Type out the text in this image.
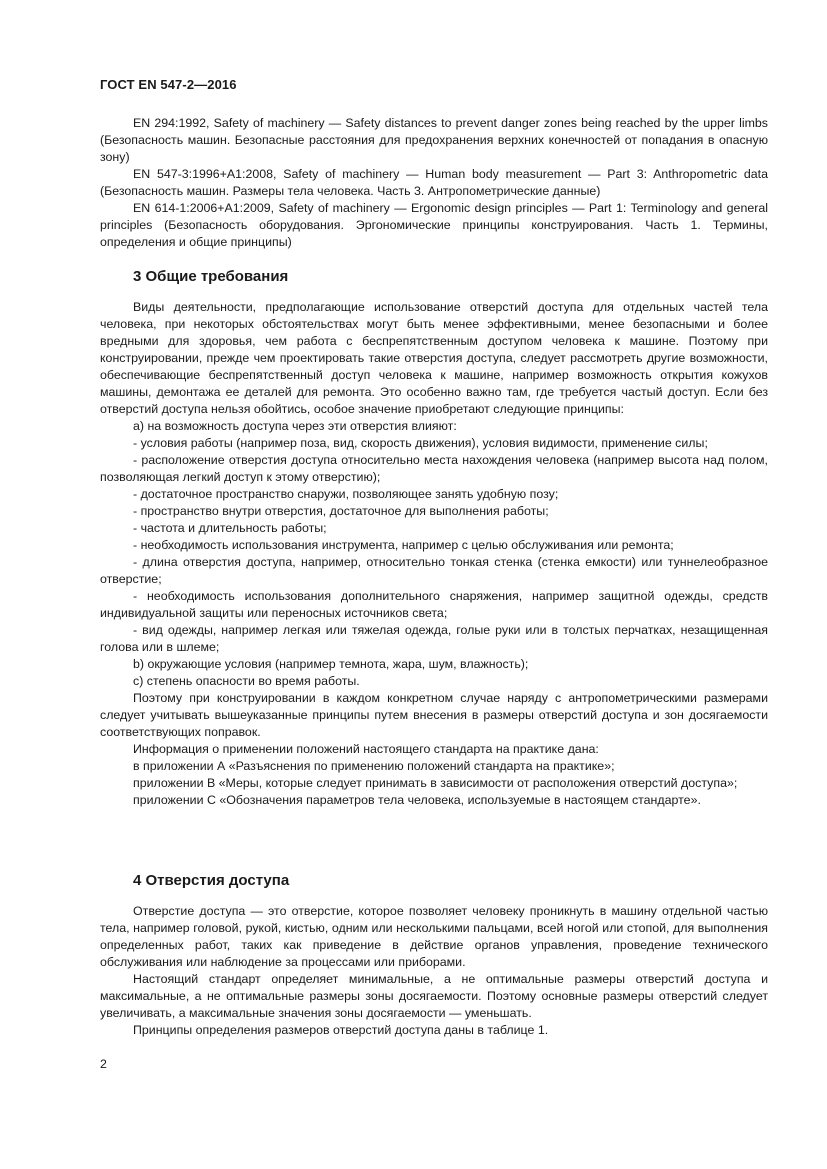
ГОСТ EN 547-2—2016

EN 294:1992, Safety of machinery — Safety distances to prevent danger zones being reached by the upper limbs (Безопасность машин. Безопасные расстояния для предохранения верхних конечностей от попадания в опасную зону)

EN 547-3:1996+A1:2008, Safety of machinery — Human body measurement — Part 3: Anthropometric data (Безопасность машин. Размеры тела человека. Часть 3. Антропометрические данные)

EN 614-1:2006+A1:2009, Safety of machinery — Ergonomic design principles — Part 1: Terminology and general principles (Безопасность оборудования. Эргономические принципы конструирования. Часть 1. Термины, определения и общие принципы)

3 Общие требования

Виды деятельности, предполагающие использование отверстий доступа для отдельных частей тела человека, при некоторых обстоятельствах могут быть менее эффективными, менее безопасными и более вредными для здоровья, чем работа с беспрепятственным доступом человека к машине. Поэтому при конструировании, прежде чем проектировать такие отверстия доступа, следует рассмотреть другие возможности, обеспечивающие беспрепятственный доступ человека к машине, например возможность открытия кожухов машины, демонтажа ее деталей для ремонта. Это особенно важно там, где требуется частый доступ. Если без отверстий доступа нельзя обойтись, особое значение приобретают следующие принципы:

а) на возможность доступа через эти отверстия влияют:

- условия работы (например поза, вид, скорость движения), условия видимости, применение силы;

- расположение отверстия доступа относительно места нахождения человека (например высота над полом, позволяющая легкий доступ к этому отверстию);

- достаточное пространство снаружи, позволяющее занять удобную позу;

- пространство внутри отверстия, достаточное для выполнения работы;

- частота и длительность работы;

- необходимость использования инструмента, например с целью обслуживания или ремонта;

- длина отверстия доступа, например, относительно тонкая стенка (стенка емкости) или туннелеобразное отверстие;

- необходимость использования дополнительного снаряжения, например защитной одежды, средств индивидуальной защиты или переносных источников света;

- вид одежды, например легкая или тяжелая одежда, голые руки или в толстых перчатках, незащищенная голова или в шлеме;

b) окружающие условия (например темнота, жара, шум, влажность);

с) степень опасности во время работы.

Поэтому при конструировании в каждом конкретном случае наряду с антропометрическими размерами следует учитывать вышеуказанные принципы путем внесения в размеры отверстий доступа и зон досягаемости соответствующих поправок.

Информация о применении положений настоящего стандарта на практике дана:

в приложении А «Разъяснения по применению положений стандарта на практике»;

приложении В «Меры, которые следует принимать в зависимости от расположения отверстий доступа»;

приложении С «Обозначения параметров тела человека, используемые в настоящем стандарте».

4 Отверстия доступа

Отверстие доступа — это отверстие, которое позволяет человеку проникнуть в машину отдельной частью тела, например головой, рукой, кистью, одним или несколькими пальцами, всей ногой или стопой, для выполнения определенных работ, таких как приведение в действие органов управления, проведение технического обслуживания или наблюдение за процессами или приборами.

Настоящий стандарт определяет минимальные, а не оптимальные размеры отверстий доступа и максимальные, а не оптимальные размеры зоны досягаемости. Поэтому основные размеры отверстий следует увеличивать, а максимальные значения зоны досягаемости — уменьшать.

Принципы определения размеров отверстий доступа даны в таблице 1.

2
